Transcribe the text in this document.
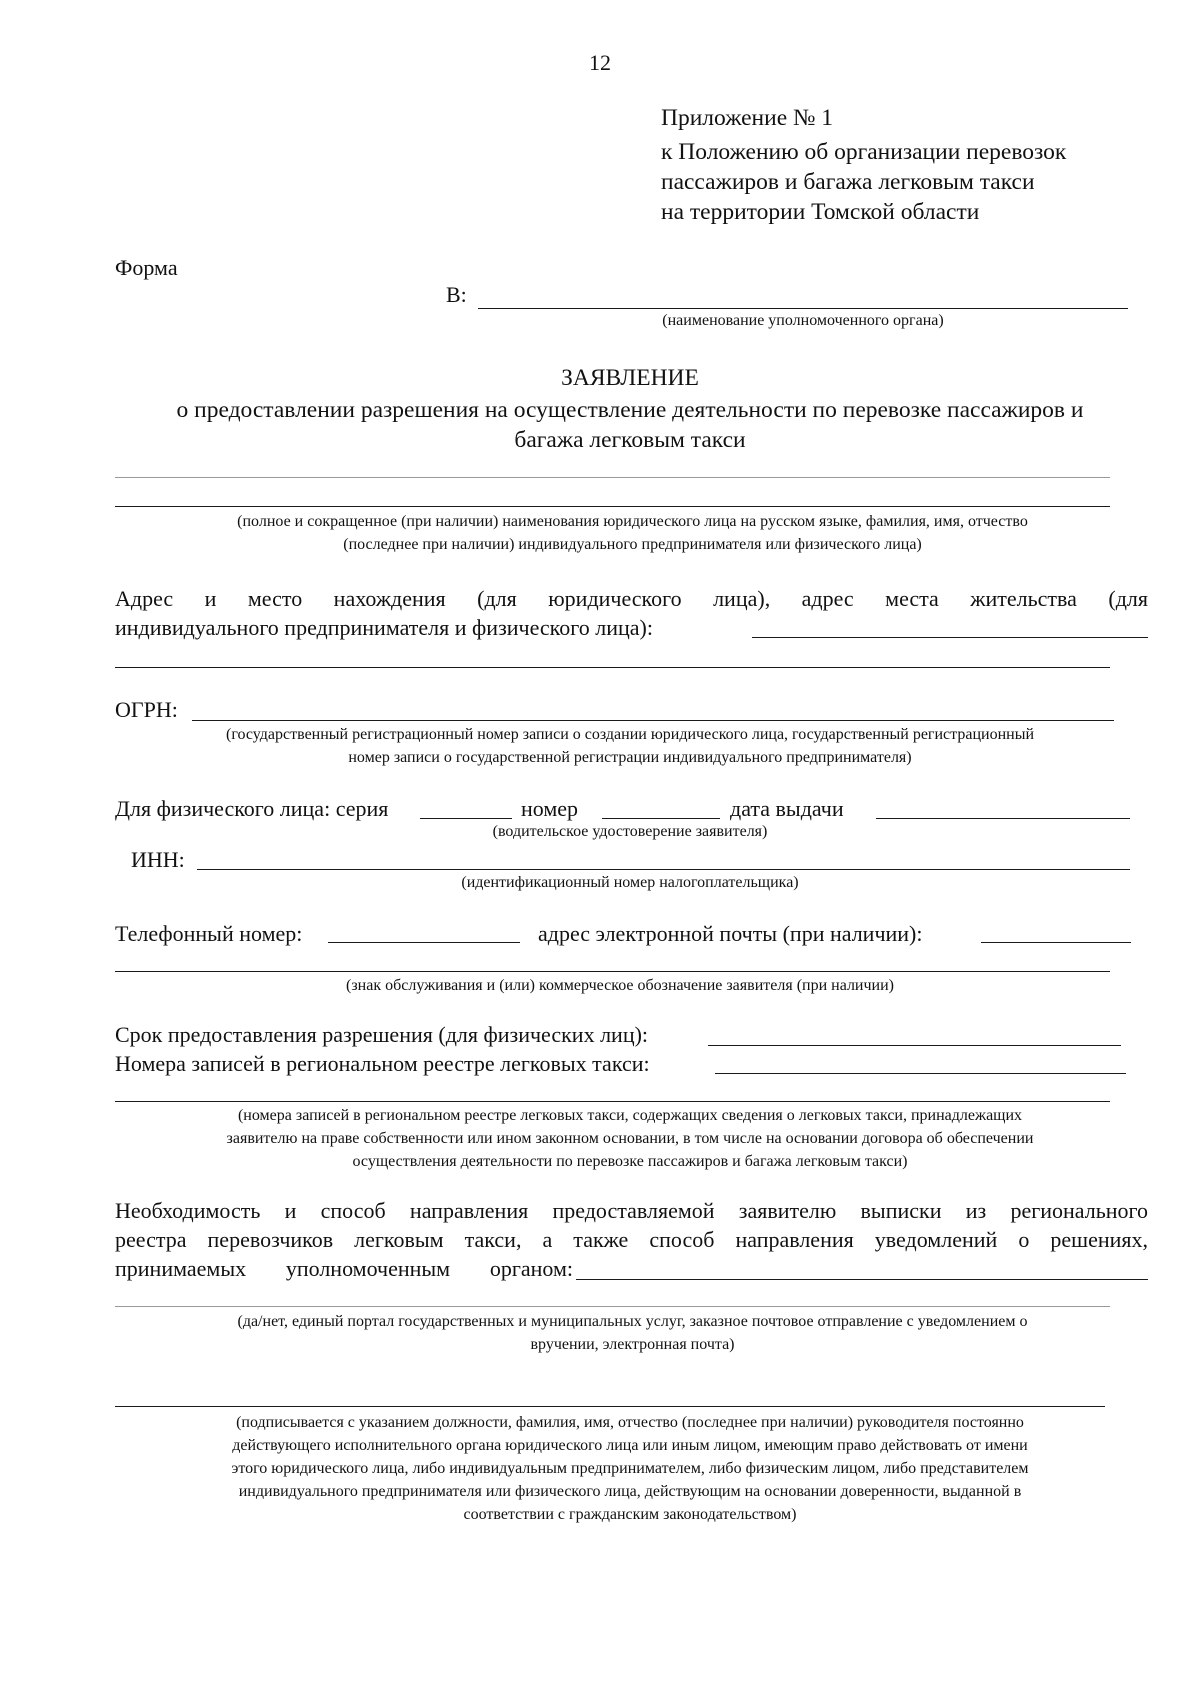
12
Приложение № 1
к Положению об организации перевозок
пассажиров и багажа легковым такси
на территории Томской области
Форма
В:
(наименование уполномоченного органа)
ЗАЯВЛЕНИЕ
о предоставлении разрешения на осуществление деятельности по перевозке пассажиров и
багажа легковым такси
(полное и сокращенное (при наличии) наименования юридического лица на русском языке, фамилия, имя, отчество
(последнее при наличии) индивидуального предпринимателя или физического лица)
Адрес и место нахождения (для юридического лица), адрес места жительства (для
индивидуального предпринимателя и физического лица):
ОГРН:
(государственный регистрационный номер записи о создании юридического лица, государственный регистрационный
номер записи о государственной регистрации индивидуального предпринимателя)
Для физического лица: серия	номер	дата выдачи
(водительское удостоверение заявителя)
ИНН:
(идентификационный номер налогоплательщика)
Телефонный номер:	адрес электронной почты (при наличии):
(знак обслуживания и (или) коммерческое обозначение заявителя (при наличии)
Срок предоставления разрешения (для физических лиц):
Номера записей в региональном реестре легковых такси:
(номера записей в региональном реестре легковых такси, содержащих сведения о легковых такси, принадлежащих
заявителю на праве собственности или ином законном основании, в том числе на основании договора об обеспечении
осуществления деятельности по перевозке пассажиров и багажа легковым такси)
Необходимость и способ направления предоставляемой заявителю выписки из регионального
реестра перевозчиков легковым такси, а также способ направления уведомлений о решениях,
принимаемых уполномоченным органом:
(да/нет, единый портал государственных и муниципальных услуг, заказное почтовое отправление с уведомлением о
вручении, электронная почта)
(подписывается с указанием должности, фамилия, имя, отчество (последнее при наличии) руководителя постоянно
действующего исполнительного органа юридического лица или иным лицом, имеющим право действовать от имени
этого юридического лица, либо индивидуальным предпринимателем, либо физическим лицом, либо представителем
индивидуального предпринимателя или физического лица, действующим на основании доверенности, выданной в
соответствии с гражданским законодательством)
